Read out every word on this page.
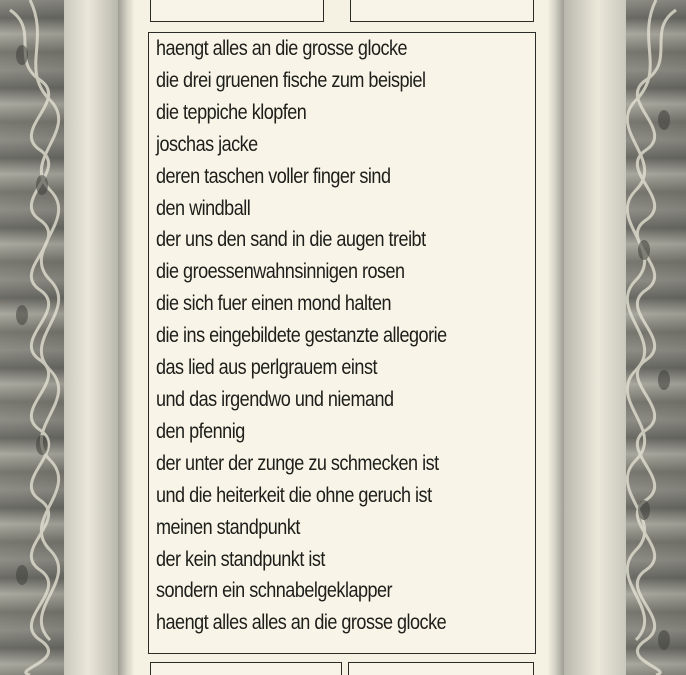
haengt alles an die grosse glocke
die drei gruenen fische zum beispiel
die teppiche klopfen
joschas jacke
deren taschen voller finger sind
den windball
der uns den sand in die augen treibt
die groessenwahnsinnigen rosen
die sich fuer einen mond halten
die ins eingebildete gestanzte allegorie
das lied aus perlgrauem einst
und das irgendwo und niemand
den pfennig
der unter der zunge zu schmecken ist
und die heiterkeit die ohne geruch ist
meinen standpunkt
der kein standpunkt ist
sondern ein schnabelgeklapper
haengt alles alles an die grosse glocke
